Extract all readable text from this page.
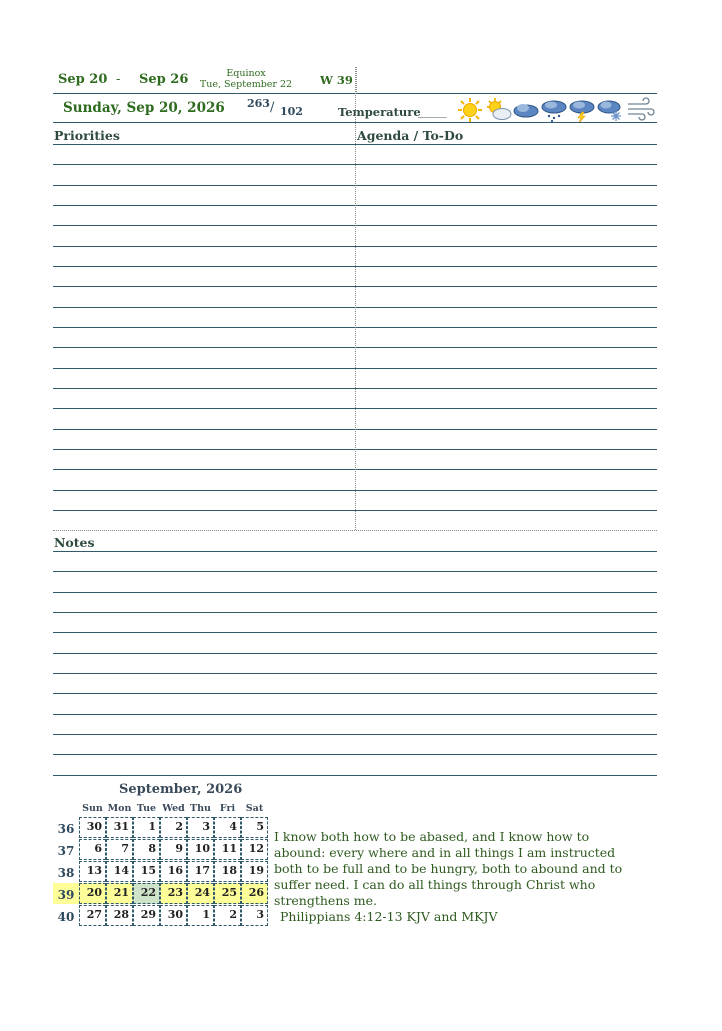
Sep 20 - Sep 26	Equinox
Tue, September 22	W 39
Sunday, Sep 20, 2026 263 / 102	Temperature
_____
Priorities	Agenda / To-Do
Notes
September, 2026
Sun Mon Tue Wed Thu Fri	Sat
36	30	31	1	2	3	4	5
37	6	7	8	9	10	11	12
38	13	14	15	16	17	18	19
39	20	21	22	23	24	25	26
40	27	28	29	30	1	2	3
I know both how to be abased, and I know how to abound: every where and in all things I am instructed both to be full and to be hungry, both to abound and to suffer need. I can do all things through Christ who strengthens me.
Philippians 4:12-13 KJV and MKJV
